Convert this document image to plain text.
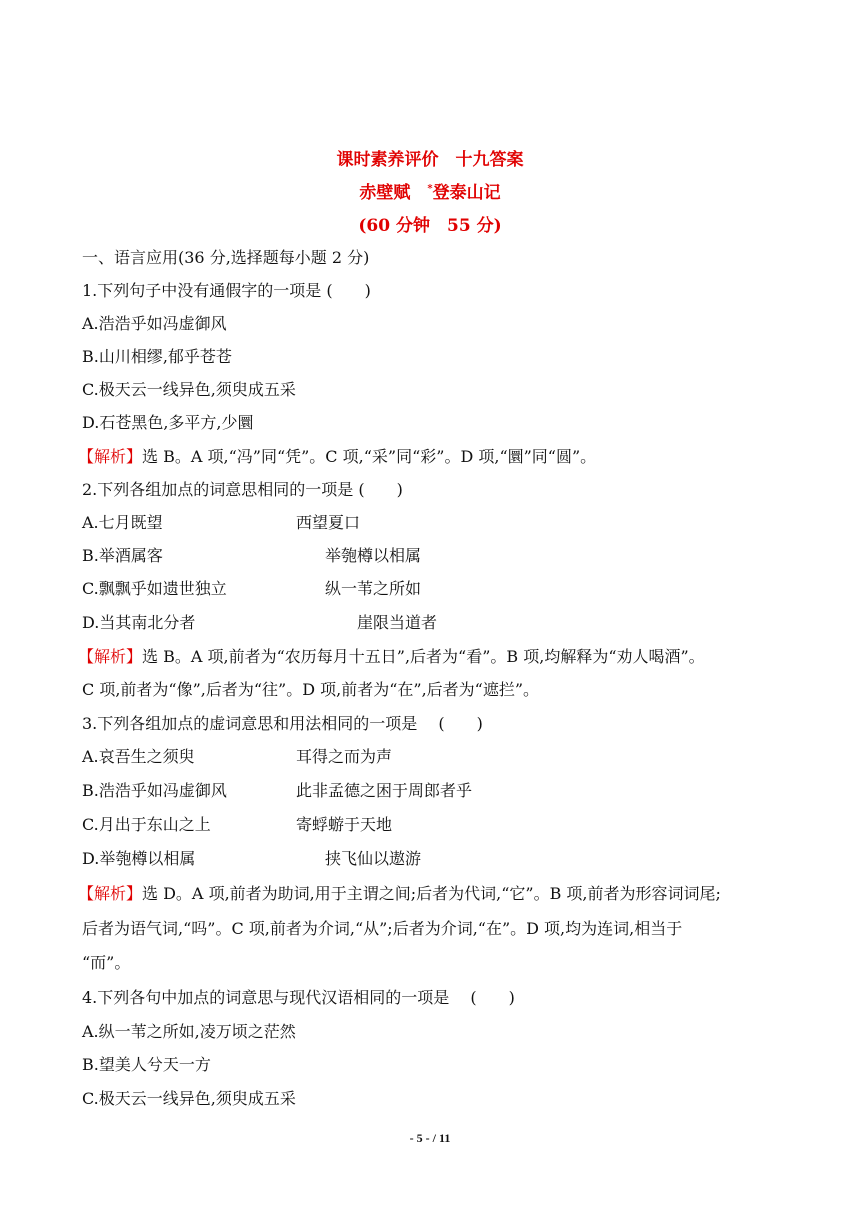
课时素养评价　十九答案
赤壁赋　*登泰山记
(60 分钟　55 分)
一、语言应用(36 分,选择题每小题 2 分)
1.下列句子中没有通假字的一项是 (　　)
A.浩浩乎如冯虚御风
B.山川相缪,郁乎苍苍
C.极天云一线异色,须臾成五采
D.石苍黑色,多平方,少圜
【解析】选 B。A 项,“冯”同“凭”。C 项,“采”同“彩”。D 项,“圜”同“圆”。
2.下列各组加点的词意思相同的一项是 (　　)
A.七月既望	西望夏口
B.举酒属客	举匏樽以相属
C.飘飘乎如遗世独立	纵一苇之所如
D.当其南北分者	崖限当道者
【解析】选 B。A 项,前者为“农历每月十五日”,后者为“看”。B 项,均解释为“劝人喝酒”。
C 项,前者为“像”,后者为“往”。D 项,前者为“在”,后者为“遮拦”。
3.下列各组加点的虚词意思和用法相同的一项是　 (　　)
A.哀吾生之须臾	耳得之而为声
B.浩浩乎如冯虚御风	此非孟德之困于周郎者乎
C.月出于东山之上	寄蜉蝣于天地
D.举匏樽以相属	挟飞仙以遨游
【解析】选 D。A 项,前者为助词,用于主谓之间;后者为代词,“它”。B 项,前者为形容词词尾;
后者为语气词,“吗”。C 项,前者为介词,“从”;后者为介词,“在”。D 项,均为连词,相当于
“而”。
4.下列各句中加点的词意思与现代汉语相同的一项是　 (　　)
A.纵一苇之所如,凌万顷之茫然
B.望美人兮天一方
C.极天云一线异色,须臾成五采
- 5 - / 11
